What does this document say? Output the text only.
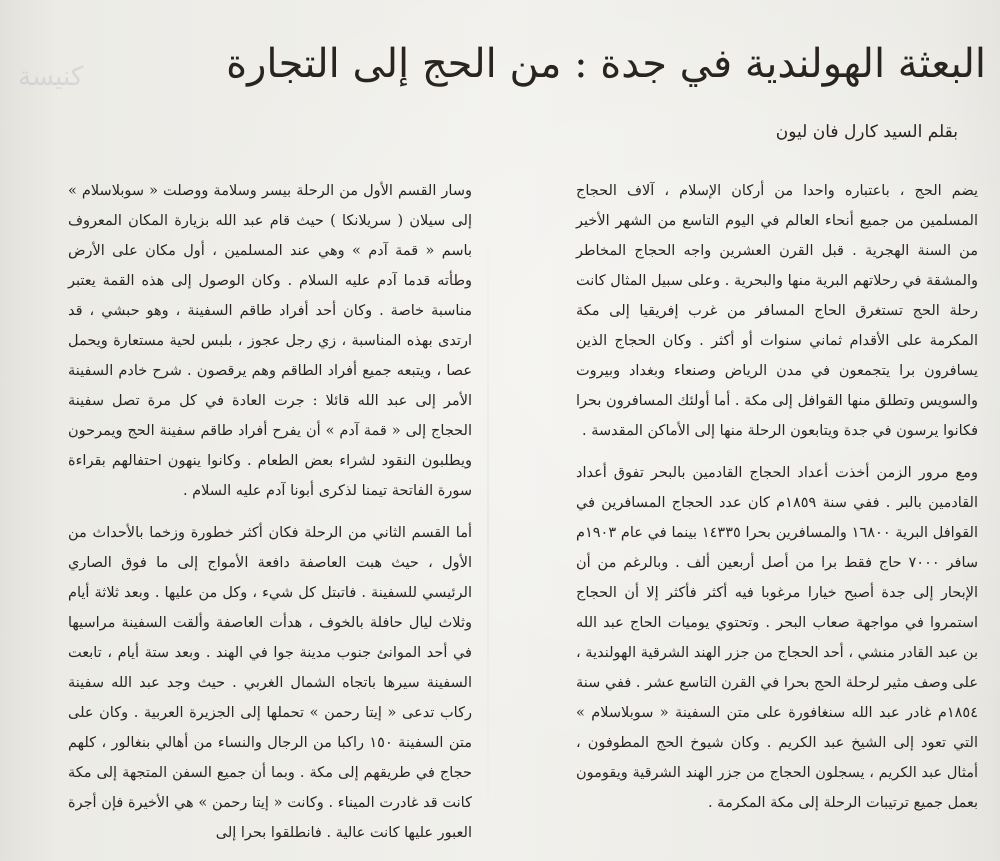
كنيسة	البعثة الهولندية في جدة : من الحج إلى التجارة
بقلم السيد كارل فان ليون

يضم الحج ، باعتباره واحدا من أركان الإسلام ، آلاف الحجاج المسلمين من جميع أنحاء العالم في اليوم التاسع من الشهر الأخير من السنة الهجرية . قبل القرن العشرين واجه الحجاج المخاطر والمشقة في رحلاتهم البرية منها والبحرية . وعلى سبيل المثال كانت رحلة الحج تستغرق الحاج المسافر من غرب إفريقيا إلى مكة المكرمة على الأقدام ثماني سنوات أو أكثر . وكان الحجاج الذين يسافرون برا يتجمعون في مدن الرياض وصنعاء وبغداد وبيروت والسويس وتطلق منها القوافل إلى مكة . أما أولئك المسافرون بحرا فكانوا يرسون في جدة ويتابعون الرحلة منها إلى الأماكن المقدسة .

ومع مرور الزمن أخذت أعداد الحجاج القادمين بالبحر تفوق أعداد القادمين بالبر . ففي سنة ١٨٥٩م كان عدد الحجاج المسافرين في القوافل البرية ١٦٨٠٠ والمسافرين بحرا ١٤٣٣٥ بينما في عام ١٩٠٣م سافر ٧٠٠٠ حاج فقط برا من أصل أربعين ألف . وبالرغم من أن الإبحار إلى جدة أصبح خيارا مرغوبا فيه أكثر فأكثر إلا أن الحجاج استمروا في مواجهة صعاب البحر . وتحتوي يوميات الحاج عبد الله بن عبد القادر منشي ، أحد الحجاج من جزر الهند الشرقية الهولندية ، على وصف مثير لرحلة الحج بحرا في القرن التاسع عشر . ففي سنة ١٨٥٤م غادر عبد الله سنغافورة على متن السفينة « سوبلاسلام » التي تعود إلى الشيخ عبد الكريم . وكان شيوخ الحج المطوفون ، أمثال عبد الكريم ، يسجلون الحجاج من جزر الهند الشرقية ويقومون بعمل جميع ترتيبات الرحلة إلى مكة المكرمة .

وسار القسم الأول من الرحلة بيسر وسلامة ووصلت « سوبلاسلام » إلى سيلان ( سريلانكا ) حيث قام عبد الله بزيارة المكان المعروف باسم « قمة آدم » وهي عند المسلمين ، أول مكان على الأرض وطأته قدما آدم عليه السلام . وكان الوصول إلى هذه القمة يعتبر مناسبة خاصة . وكان أحد أفراد طاقم السفينة ، وهو حبشي ، قد ارتدى بهذه المناسبة ، زي رجل عجوز ، بلبس لحية مستعارة ويحمل عصا ، ويتبعه جميع أفراد الطاقم وهم يرقصون . شرح خادم السفينة الأمر إلى عبد الله قائلا : جرت العادة في كل مرة تصل سفينة الحجاج إلى « قمة آدم » أن يفرح أفراد طاقم سفينة الحج ويمرحون ويطلبون النقود لشراء بعض الطعام . وكانوا ينهون احتفالهم بقراءة سورة الفاتحة تيمنا لذكرى أبونا آدم عليه السلام .

أما القسم الثاني من الرحلة فكان أكثر خطورة وزخما بالأحداث من الأول ، حيث هبت العاصفة دافعة الأمواج إلى ما فوق الصاري الرئيسي للسفينة . فاتبتل كل شيء ، وكل من عليها . وبعد ثلاثة أيام وثلاث ليال حافلة بالخوف ، هدأت العاصفة وألقت السفينة مراسيها في أحد الموانئ جنوب مدينة جوا في الهند . وبعد ستة أيام ، تابعت السفينة سيرها باتجاه الشمال الغربي . حيث وجد عبد الله سفينة ركاب تدعى « إيتا رحمن » تحملها إلى الجزيرة العربية . وكان على متن السفينة ١٥٠ راكبا من الرجال والنساء من أهالي بنغالور ، كلهم حجاج في طريقهم إلى مكة . وبما أن جميع السفن المتجهة إلى مكة كانت قد غادرت الميناء . وكانت « إيتا رحمن » هي الأخيرة فإن أجرة العبور عليها كانت عالية . فانطلقوا بحرا إلى
